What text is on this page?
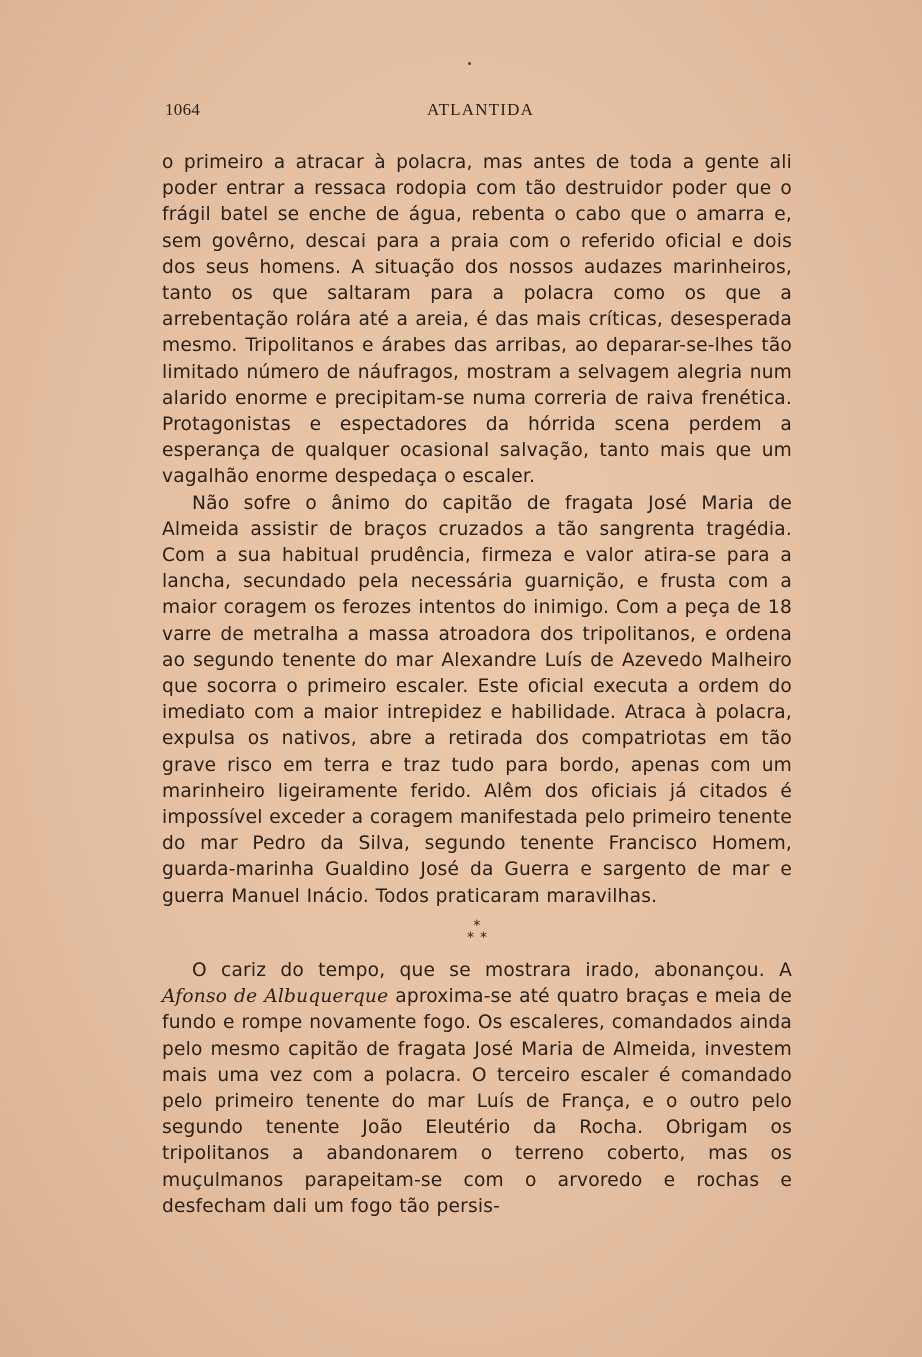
1064	ATLANTIDA

o primeiro a atracar à polacra, mas antes de toda a gente ali poder entrar a ressaca rodopia com tão destruidor poder que o frágil batel se enche de água, rebenta o cabo que o amarra e, sem govêrno, descai para a praia com o referido oficial e dois dos seus homens. A situação dos nossos audazes marinheiros, tanto os que saltaram para a polacra como os que a arrebentação rolára até a areia, é das mais críticas, desesperada mesmo. Tripolitanos e árabes das arribas, ao deparar-se-lhes tão limitado número de náufragos, mostram a selvagem alegria num alarido enorme e precipitam-se numa correria de raiva frenética. Protagonistas e espectadores da hórrida scena perdem a esperança de qualquer ocasional salvação, tanto mais que um vagalhão enorme despedaça o escaler.

Não sofre o ânimo do capitão de fragata José Maria de Almeida assistir de braços cruzados a tão sangrenta tragédia. Com a sua habitual prudência, firmeza e valor atira-se para a lancha, secundado pela necessária guarnição, e frusta com a maior coragem os ferozes intentos do inimigo. Com a peça de 18 varre de metralha a massa atroadora dos tripolitanos, e ordena ao segundo tenente do mar Alexandre Luís de Azevedo Malheiro que socorra o primeiro escaler. Este oficial executa a ordem do imediato com a maior intrepidez e habilidade. Atraca à polacra, expulsa os nativos, abre a retirada dos compatriotas em tão grave risco em terra e traz tudo para bordo, apenas com um marinheiro ligeiramente ferido. Alêm dos oficiais já citados é impossível exceder a coragem manifestada pelo primeiro tenente do mar Pedro da Silva, segundo tenente Francisco Homem, guarda-marinha Gualdino José da Guerra e sargento de mar e guerra Manuel Inácio. Todos praticaram maravilhas.

*
**

O cariz do tempo, que se mostrara irado, abonançou. A Afonso de Albuquerque aproxima-se até quatro braças e meia de fundo e rompe novamente fogo. Os escaleres, comandados ainda pelo mesmo capitão de fragata José Maria de Almeida, investem mais uma vez com a polacra. O terceiro escaler é comandado pelo primeiro tenente do mar Luís de França, e o outro pelo segundo tenente João Eleutério da Rocha. Obrigam os tripolitanos a abandonarem o terreno coberto, mas os muçulmanos parapeitam-se com o arvoredo e rochas e desfecham dali um fogo tão persis-
